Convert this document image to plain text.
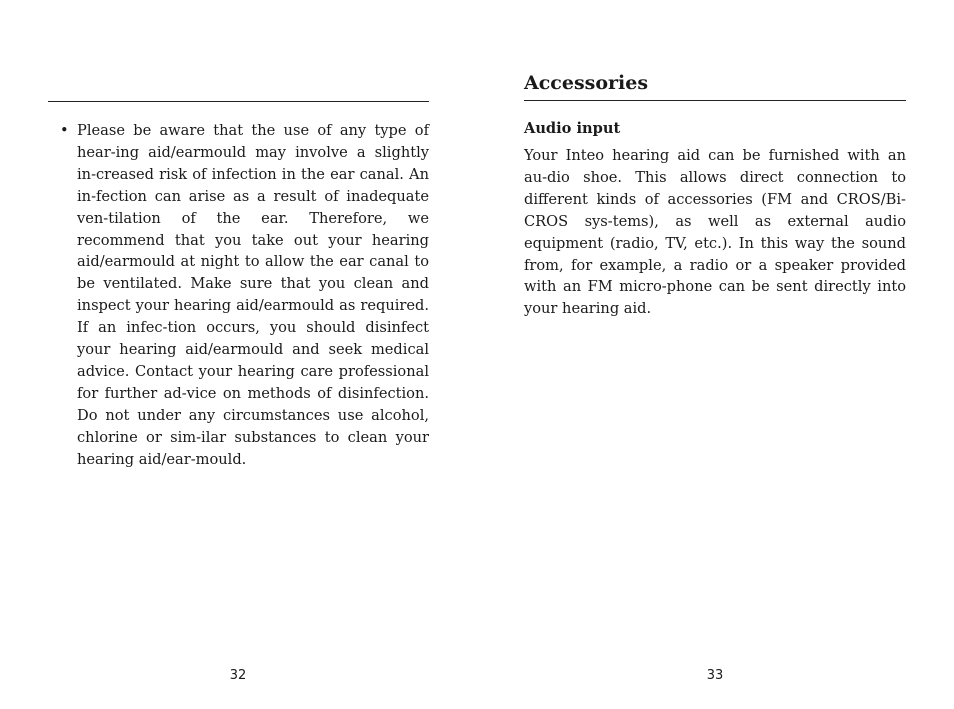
• Please be aware that the use of any type of hear-ing aid/earmould may involve a slightly in-creased risk of infection in the ear canal. An in-fection can arise as a result of inadequate ven-tilation of the ear. Therefore, we recommend that you take out your hearing aid/earmould at night to allow the ear canal to be ventilated. Make sure that you clean and inspect your hearing aid/earmould as required. If an infec-tion occurs, you should disinfect your hearing aid/earmould and seek medical advice. Contact your hearing care professional for further ad-vice on methods of disinfection. Do not under any circumstances use alcohol, chlorine or sim-ilar substances to clean your hearing aid/ear-mould.
32
Accessories
Audio input

Your Inteo hearing aid can be furnished with an au-dio shoe. This allows direct connection to different kinds of accessories (FM and CROS/Bi-CROS sys-tems), as well as external audio equipment (radio, TV, etc.). In this way the sound from, for example, a radio or a speaker provided with an FM micro-phone can be sent directly into your hearing aid.

33
